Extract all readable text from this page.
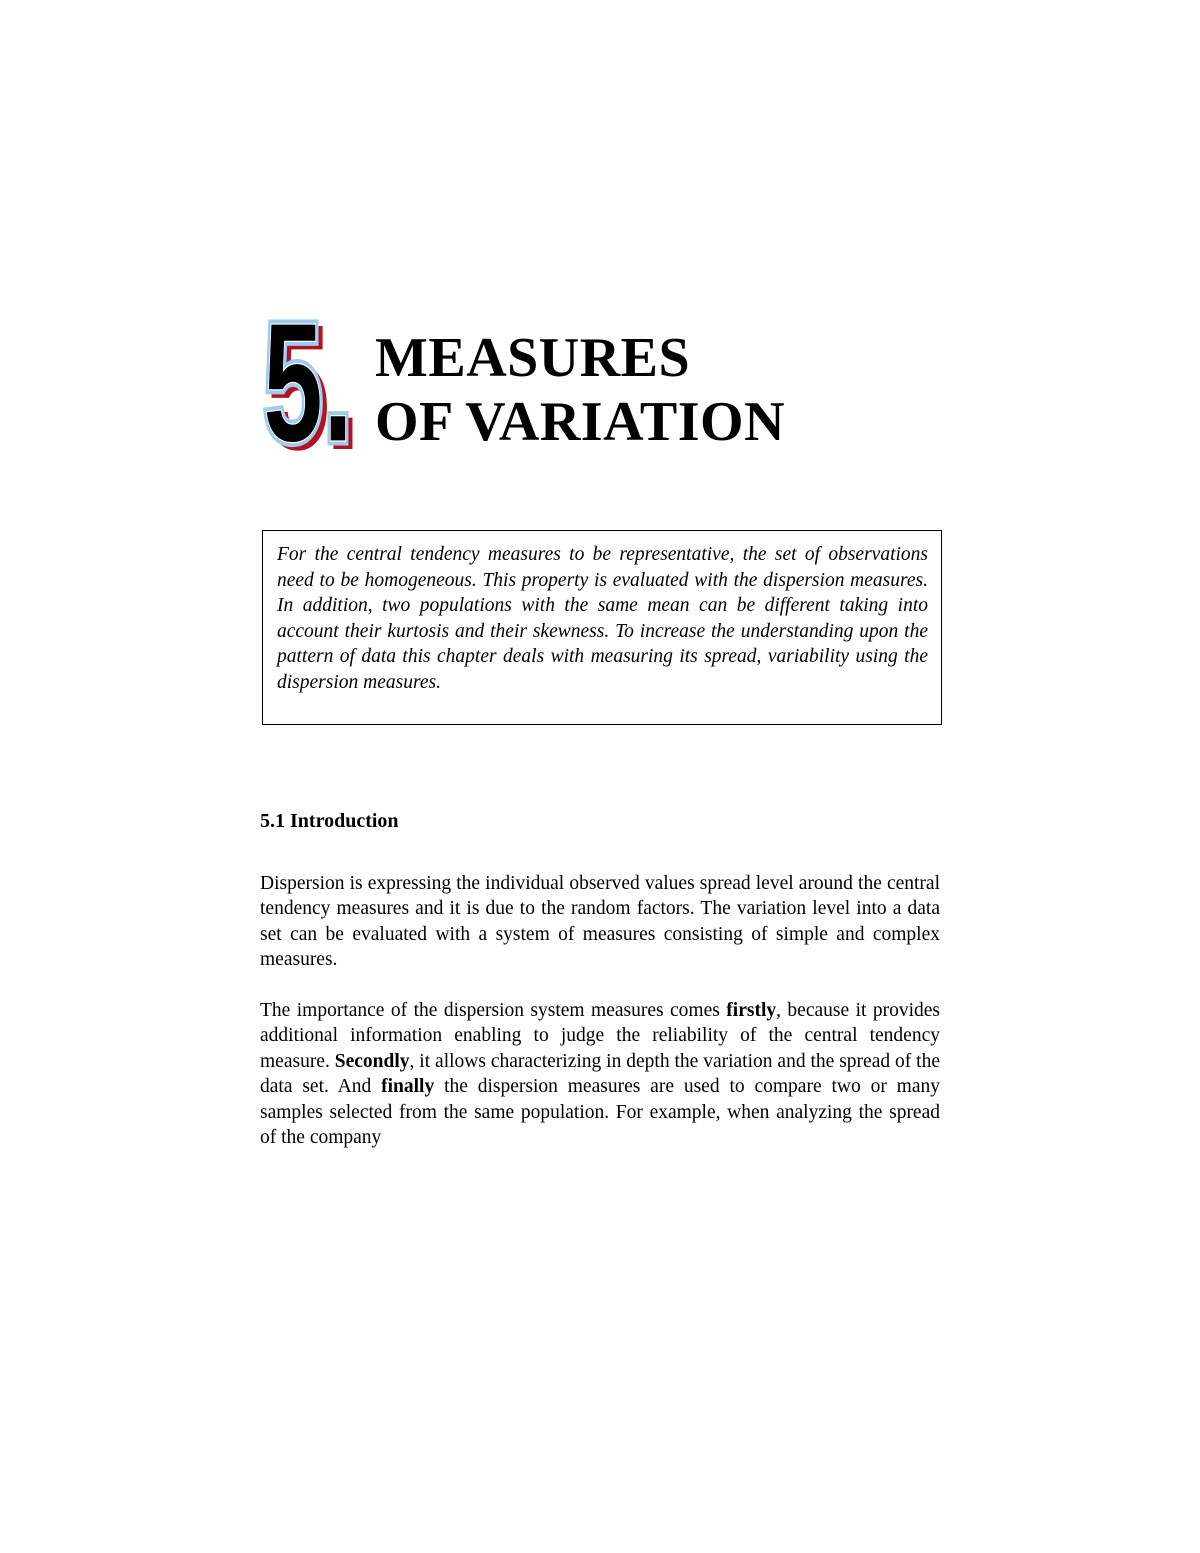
5.
5.
5. MEASURES
OF VARIATION

For the central tendency measures to be representative, the set of observations need to be homogeneous. This property is evaluated with the dispersion measures. In addition, two populations with the same mean can be different taking into account their kurtosis and their skewness. To increase the understanding upon the pattern of data this chapter deals with measuring its spread, variability using the dispersion measures.

5.1 Introduction

Dispersion is expressing the individual observed values spread level around the central tendency measures and it is due to the random factors. The variation level into a data set can be evaluated with a system of measures consisting of simple and complex measures.

The importance of the dispersion system measures comes firstly, because it provides additional information enabling to judge the reliability of the central tendency measure. Secondly, it allows characterizing in depth the variation and the spread of the data set. And finally the dispersion measures are used to compare two or many samples selected from the same population. For example, when analyzing the spread of the company
